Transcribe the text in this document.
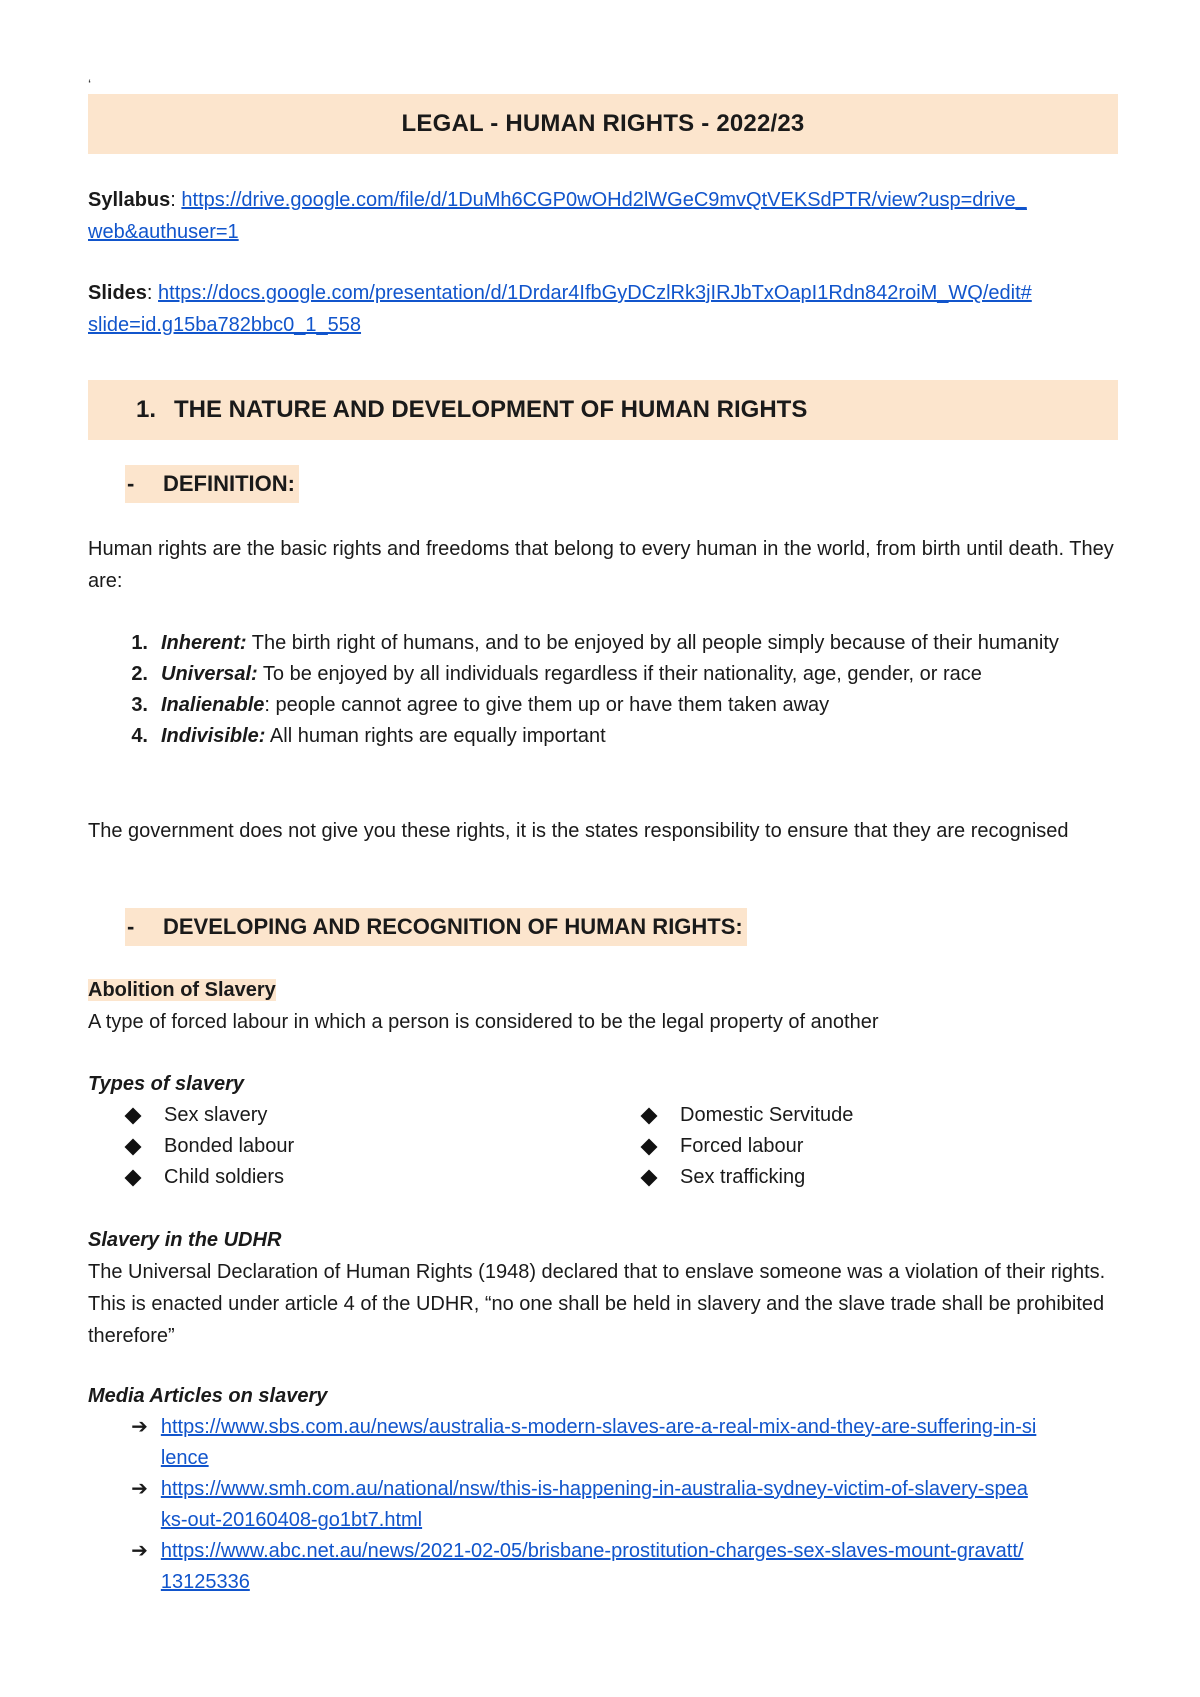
‘
LEGAL - HUMAN RIGHTS - 2022/23
Syllabus: https://drive.google.com/file/d/1DuMh6CGP0wOHd2lWGeC9mvQtVEKSdPTR/view?usp=drive_
web&authuser=1
Slides: https://docs.google.com/presentation/d/1Drdar4IfbGyDCzlRk3jIRJbTxOapI1Rdn842roiM_WQ/edit#
slide=id.g15ba782bbc0_1_558
1. THE NATURE AND DEVELOPMENT OF HUMAN RIGHTS
-	DEFINITION:
Human rights are the basic rights and freedoms that belong to every human in the world, from birth until death. They are:
1. Inherent: The birth right of humans, and to be enjoyed by all people simply because of their humanity
2. Universal: To be enjoyed by all individuals regardless if their nationality, age, gender, or race
3. Inalienable: people cannot agree to give them up or have them taken away
4. Indivisible: All human rights are equally important
The government does not give you these rights, it is the states responsibility to ensure that they are recognised
-	DEVELOPING AND RECOGNITION OF HUMAN RIGHTS:
Abolition of Slavery
A type of forced labour in which a person is considered to be the legal property of another
Types of slavery
Sex slavery
Bonded labour
Child soldiers
Domestic Servitude
Forced labour
Sex trafficking
Slavery in the UDHR
The Universal Declaration of Human Rights (1948) declared that to enslave someone was a violation of their rights. This is enacted under article 4 of the UDHR, “no one shall be held in slavery and the slave trade shall be prohibited therefore”
Media Articles on slavery
➔ https://www.sbs.com.au/news/australia-s-modern-slaves-are-a-real-mix-and-they-are-suffering-in-si
lence
➔ https://www.smh.com.au/national/nsw/this-is-happening-in-australia-sydney-victim-of-slavery-spea
ks-out-20160408-go1bt7.html
➔ https://www.abc.net.au/news/2021-02-05/brisbane-prostitution-charges-sex-slaves-mount-gravatt/
13125336
